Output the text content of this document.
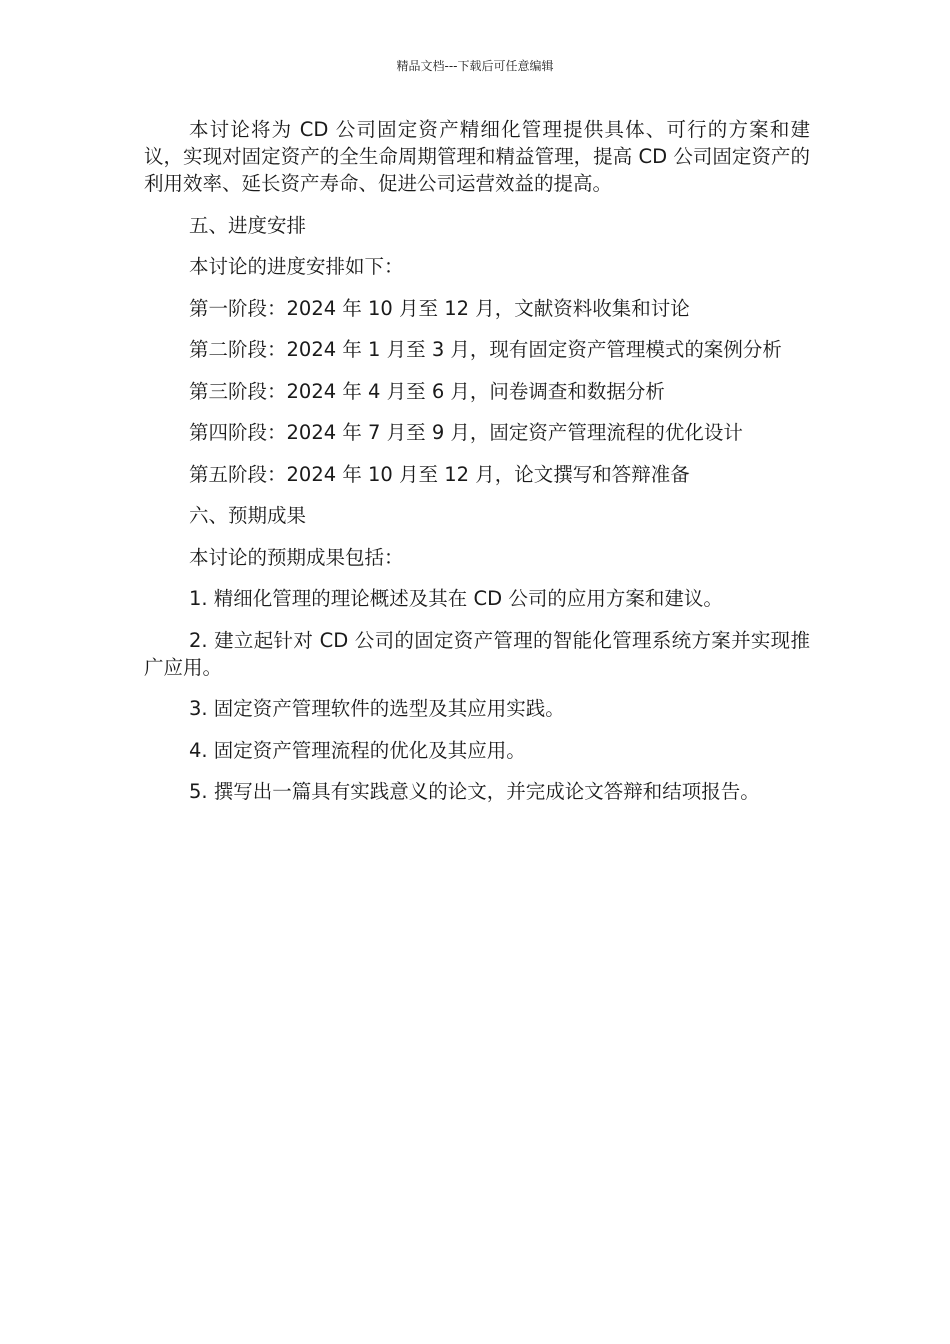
精品文档---下载后可任意编辑

本讨论将为 CD 公司固定资产精细化管理提供具体、可行的方案和建议，实现对固定资产的全生命周期管理和精益管理，提高 CD 公司固定资产的利用效率、延长资产寿命、促进公司运营效益的提高。

五、进度安排

本讨论的进度安排如下：

第一阶段：2024 年 10 月至 12 月，文献资料收集和讨论

第二阶段：2024 年 1 月至 3 月，现有固定资产管理模式的案例分析

第三阶段：2024 年 4 月至 6 月，问卷调查和数据分析

第四阶段：2024 年 7 月至 9 月，固定资产管理流程的优化设计

第五阶段：2024 年 10 月至 12 月，论文撰写和答辩准备

六、预期成果

本讨论的预期成果包括：

1. 精细化管理的理论概述及其在 CD 公司的应用方案和建议。

2. 建立起针对 CD 公司的固定资产管理的智能化管理系统方案并实现推广应用。

3. 固定资产管理软件的选型及其应用实践。

4. 固定资产管理流程的优化及其应用。

5. 撰写出一篇具有实践意义的论文，并完成论文答辩和结项报告。
